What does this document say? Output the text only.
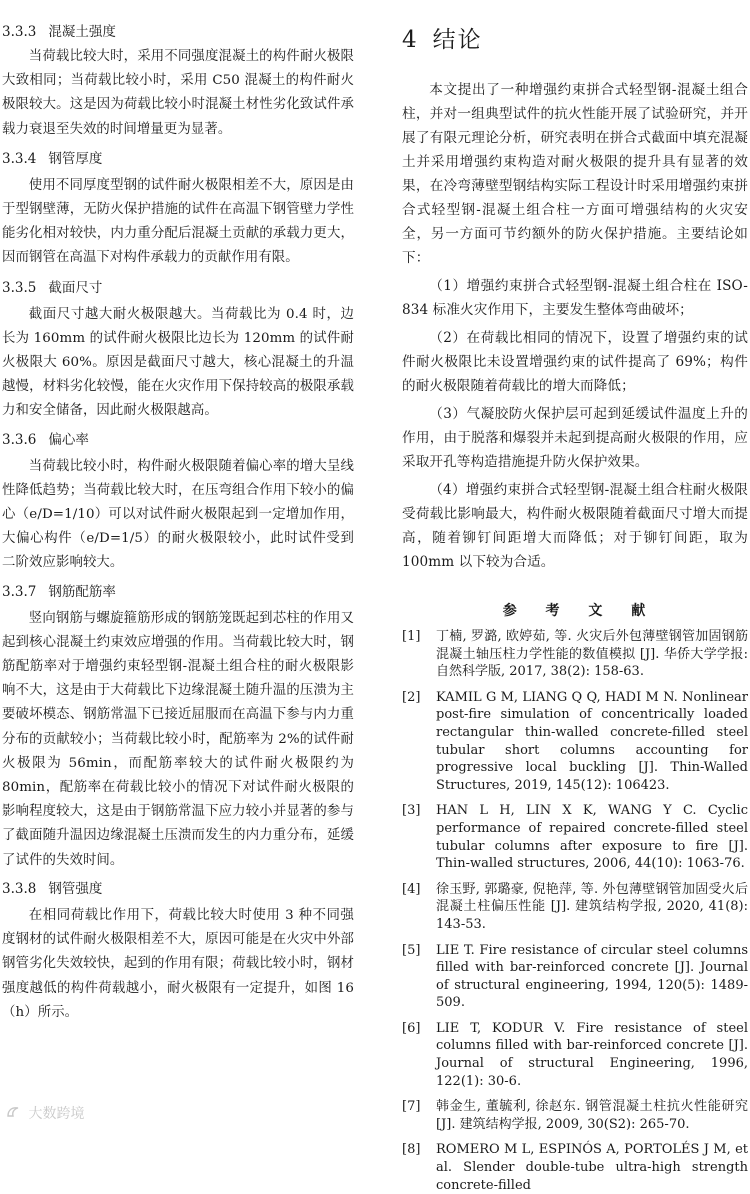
3.3.3 混凝土强度

当荷载比较大时，采用不同强度混凝土的构件耐火极限大致相同；当荷载比较小时，采用 C50 混凝土的构件耐火极限较大。这是因为荷载比较小时混凝土材性劣化致试件承载力衰退至失效的时间增量更为显著。

3.3.4 钢管厚度

使用不同厚度型钢的试件耐火极限相差不大，原因是由于型钢壁薄，无防火保护措施的试件在高温下钢管壁力学性能劣化相对较快，内力重分配后混凝土贡献的承载力更大，因而钢管在高温下对构件承载力的贡献作用有限。

3.3.5 截面尺寸

截面尺寸越大耐火极限越大。当荷载比为 0.4 时，边长为 160mm 的试件耐火极限比边长为 120mm 的试件耐火极限大 60%。原因是截面尺寸越大，核心混凝土的升温越慢，材料劣化较慢，能在火灾作用下保持较高的极限承载力和安全储备，因此耐火极限越高。

3.3.6 偏心率

当荷载比较小时，构件耐火极限随着偏心率的增大呈线性降低趋势；当荷载比较大时，在压弯组合作用下较小的偏心（e/D=1/10）可以对试件耐火极限起到一定增加作用，大偏心构件（e/D=1/5）的耐火极限较小，此时试件受到二阶效应影响较大。

3.3.7 钢筋配筋率

竖向钢筋与螺旋箍筋形成的钢筋笼既起到芯柱的作用又起到核心混凝土约束效应增强的作用。当荷载比较大时，钢筋配筋率对于增强约束轻型钢-混凝土组合柱的耐火极限影响不大，这是由于大荷载比下边缘混凝土随升温的压溃为主要破坏模态、钢筋常温下已接近屈服而在高温下参与内力重分布的贡献较小；当荷载比较小时，配筋率为 2%的试件耐火极限为 56min，而配筋率较大的试件耐火极限约为 80min，配筋率在荷载比较小的情况下对试件耐火极限的影响程度较大，这是由于钢筋常温下应力较小并显著的参与了截面随升温因边缘混凝土压溃而发生的内力重分布，延缓了试件的失效时间。

3.3.8 钢管强度

在相同荷载比作用下，荷载比较大时使用 3 种不同强度钢材的试件耐火极限相差不大，原因可能是在火灾中外部钢管劣化失效较快，起到的作用有限；荷载比较小时，钢材强度越低的构件荷载越小，耐火极限有一定提升，如图 16（h）所示。

4 结论

本文提出了一种增强约束拼合式轻型钢-混凝土组合柱，并对一组典型试件的抗火性能开展了试验研究，并开展了有限元理论分析，研究表明在拼合式截面中填充混凝土并采用增强约束构造对耐火极限的提升具有显著的效果，在冷弯薄壁型钢结构实际工程设计时采用增强约束拼合式轻型钢-混凝土组合柱一方面可增强结构的火灾安全，另一方面可节约额外的防火保护措施。主要结论如下：

（1）增强约束拼合式轻型钢-混凝土组合柱在 ISO-834 标准火灾作用下，主要发生整体弯曲破坏；

（2）在荷载比相同的情况下，设置了增强约束的试件耐火极限比未设置增强约束的试件提高了 69%；构件的耐火极限随着荷载比的增大而降低；

（3）气凝胶防火保护层可起到延缓试件温度上升的作用，由于脱落和爆裂并未起到提高耐火极限的作用，应采取开孔等构造措施提升防火保护效果。

（4）增强约束拼合式轻型钢-混凝土组合柱耐火极限受荷载比影响最大，构件耐火极限随着截面尺寸增大而提高，随着铆钉间距增大而降低；对于铆钉间距，取为 100mm 以下较为合适。

参 考 文 献
[1]	丁楠, 罗潞, 欧婷茹, 等. 火灾后外包薄壁钢管加固钢筋混凝土轴压柱力学性能的数值模拟 [J]. 华侨大学学报: 自然科学版, 2017, 38(2): 158-63.
[2]	KAMIL G M, LIANG Q Q, HADI M N. Nonlinear post-fire simulation of concentrically loaded rectangular thin-walled concrete-filled steel tubular short columns accounting for progressive local buckling [J]. Thin-Walled Structures, 2019, 145(12): 106423.
[3]	HAN L H, LIN X K, WANG Y C. Cyclic performance of repaired concrete-filled steel tubular columns after exposure to fire [J]. Thin-walled structures, 2006, 44(10): 1063-76.
[4]	徐玉野, 郭璐豪, 倪艳萍, 等. 外包薄壁钢管加固受火后混凝土柱偏压性能 [J]. 建筑结构学报, 2020, 41(8): 143-53.
[5]	LIE T. Fire resistance of circular steel columns filled with bar-reinforced concrete [J]. Journal of structural engineering, 1994, 120(5): 1489-509.
[6]	LIE T, KODUR V. Fire resistance of steel columns filled with bar-reinforced concrete [J]. Journal of structural Engineering, 1996, 122(1): 30-6.
[7]	韩金生, 董毓利, 徐赵东. 钢管混凝土柱抗火性能研究 [J]. 建筑结构学报, 2009, 30(S2): 265-70.
[8]	ROMERO M L, ESPINÓS A, PORTOLÉS J M, et al. Slender double-tube ultra-high strength concrete-filled
大数跨境
